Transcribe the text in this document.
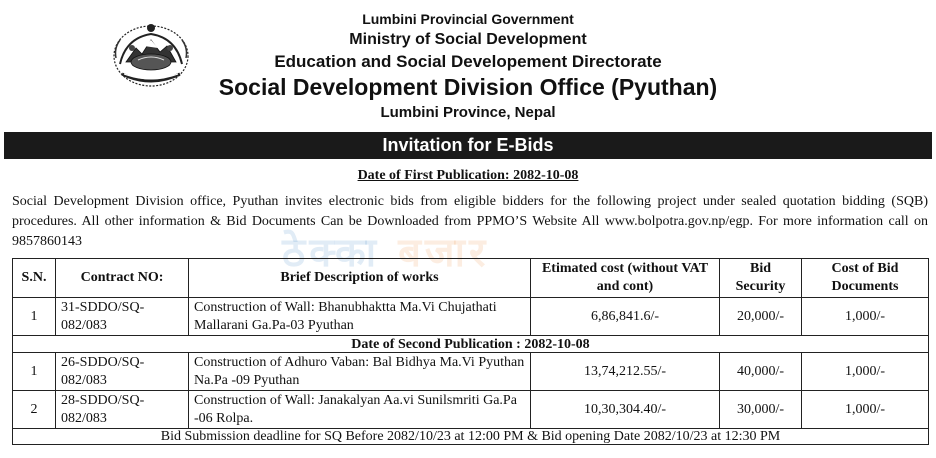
Lumbini Provincial Government
Ministry of Social Development
Education and Social Developement Directorate
Social Development Division Office (Pyuthan)
Lumbini Province, Nepal
Invitation for E-Bids
Date of First Publication: 2082-10-08
ठेक्का बजार

Social Development Division office, Pyuthan invites electronic bids from eligible bidders for the following project under sealed quotation bidding (SQB) procedures. All other information & Bid Documents Can be Downloaded from PPMO’S Website All www.bolpotra.gov.np/egp. For more information call on 9857860143

S.N.	Contract NO:	Brief Description of works	Etimated cost (without VAT and cont)	Bid Security	Cost of Bid Documents
1	31-SDDO/SQ-082/083	Construction of Wall: Bhanubhaktta Ma.Vi Chujathati Mallarani Ga.Pa-03 Pyuthan	6,86,841.6/-	20,000/-	1,000/-
Date of Second Publication : 2082-10-08					
1	26-SDDO/SQ-082/083	Construction of Adhuro Vaban: Bal Bidhya Ma.Vi Pyuthan Na.Pa -09 Pyuthan	13,74,212.55/-	40,000/-	1,000/-
2	28-SDDO/SQ-082/083	Construction of Wall: Janakalyan Aa.vi Sunilsmriti Ga.Pa -06 Rolpa.	10,30,304.40/-	30,000/-	1,000/-
Bid Submission deadline for SQ Before 2082/10/23 at 12:00 PM & Bid opening Date 2082/10/23 at 12:30 PM					
